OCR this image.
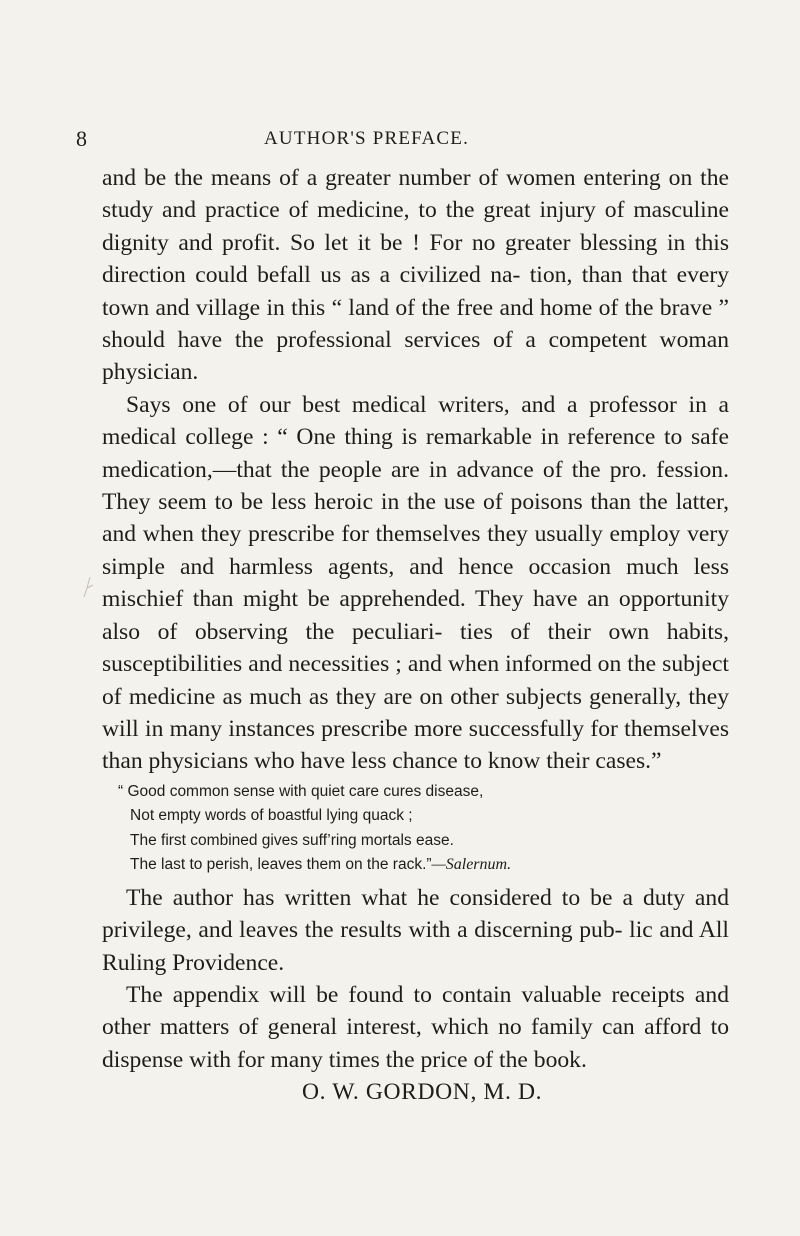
8	AUTHOR'S PREFACE.

and be the means of a greater number of women entering on the study and practice of medicine, to the great injury of masculine dignity and profit. So let it be ! For no greater blessing in this direction could befall us as a civilized na- tion, than that every town and village in this “ land of the free and home of the brave ” should have the professional services of a competent woman physician.

Says one of our best medical writers, and a professor in a medical college : “ One thing is remarkable in reference to safe medication,—that the people are in advance of the pro. fession. They seem to be less heroic in the use of poisons than the latter, and when they prescribe for themselves they usually employ very simple and harmless agents, and hence occasion much less mischief than might be apprehended. They have an opportunity also of observing the peculiari- ties of their own habits, susceptibilities and necessities ; and when informed on the subject of medicine as much as they are on other subjects generally, they will in many instances prescribe more successfully for themselves than physicians who have less chance to know their cases.”

“ Good common sense with quiet care cures disease,

Not empty words of boastful lying quack ;

The first combined gives suff’ring mortals ease.

The last to perish, leaves them on the rack.”—Salernum.

The author has written what he considered to be a duty and privilege, and leaves the results with a discerning pub- lic and All Ruling Providence.

The appendix will be found to contain valuable receipts and other matters of general interest, which no family can afford to dispense with for many times the price of the book.

O. W. GORDON, M. D.
